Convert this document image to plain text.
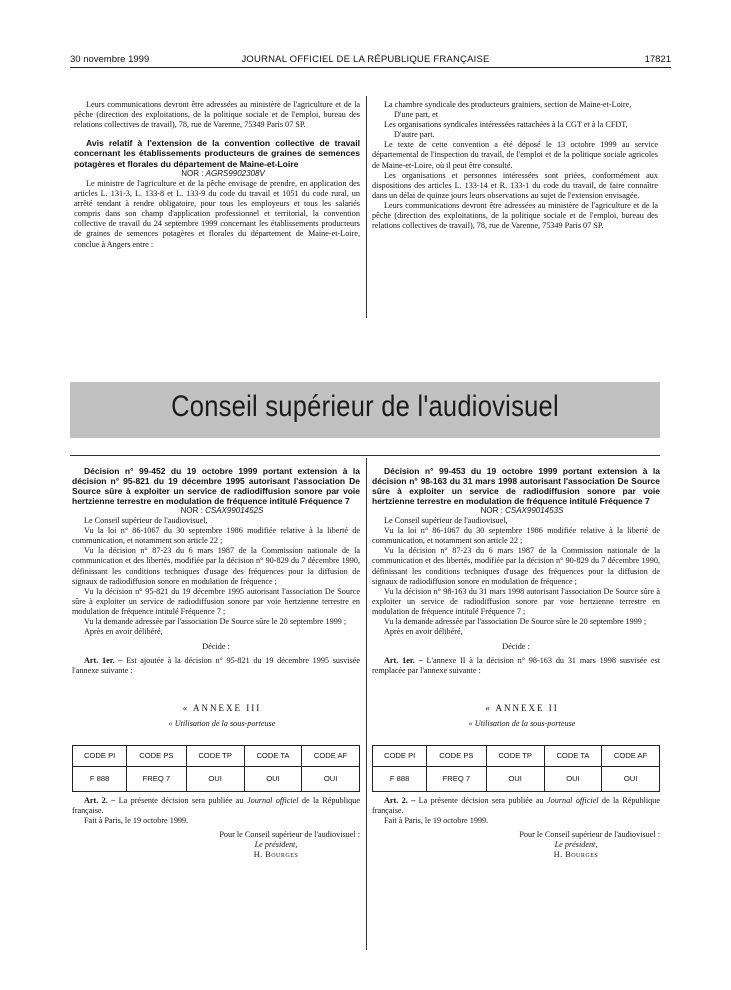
30 novembre 1999	JOURNAL OFFICIEL DE LA RÉPUBLIQUE FRANÇAISE	17821

Leurs communications devront être adressées au ministère de l'agriculture et de la pêche (direction des exploitations, de la politique sociale et de l'emploi, bureau des relations collectives de travail), 78, rue de Varenne, 75349 Paris 07 SP.

Avis relatif à l'extension de la convention collective de travail concernant les établissements producteurs de graines de semences potagères et florales du département de Maine-et-Loire

NOR : AGRS9902308V

Le ministre de l'agriculture et de la pêche envisage de prendre, en application des articles L. 131-3, L. 133-8 et L. 133-9 du code du travail et 1051 du code rural, un arrêté tendant à rendre obligatoire, pour tous les employeurs et tous les salariés compris dans son champ d'application professionnel et territorial, la convention collective de travail du 24 septembre 1999 concernant les établissements producteurs de graines de semences potagères et florales du département de Maine-et-Loire, conclue à Angers entre :

La chambre syndicale des producteurs grainiers, section de Maine-et-Loire,

D'une part, et

Les organisations syndicales intéressées rattachées à la CGT et à la CFDT,

D'autre part.

Le texte de cette convention a été déposé le 13 octobre 1999 au service départemental de l'inspection du travail, de l'emploi et de la politique sociale agricoles de Maine-et-Loire, où il peut être consulté.

Les organisations et personnes intéressées sont priées, conformément aux dispositions des articles L. 133-14 et R. 133-1 du code du travail, de faire connaître dans un délai de quinze jours leurs observations au sujet de l'extension envisagée.

Leurs communications devront être adressées au ministère de l'agriculture et de la pêche (direction des exploitations, de la politique sociale et de l'emploi, bureau des relations collectives de travail), 78, rue de Varenne, 75349 Paris 07 SP.

Conseil supérieur de l'audiovisuel

Décision n° 99-452 du 19 octobre 1999 portant extension à la décision n° 95-821 du 19 décembre 1995 autorisant l'association De Source sûre à exploiter un service de radiodiffusion sonore par voie hertzienne terrestre en modulation de fréquence intitulé Fréquence 7

NOR : CSAX9901452S

Le Conseil supérieur de l'audiovisuel,

Vu la loi n° 86-1067 du 30 septembre 1986 modifiée relative à la liberté de communication, et notamment son article 22 ;

Vu la décision n° 87-23 du 6 mars 1987 de la Commission nationale de la communication et des libertés, modifiée par la décision n° 90-829 du 7 décembre 1990, définissant les conditions techniques d'usage des fréquences pour la diffusion de signaux de radiodiffusion sonore en modulation de fréquence ;

Vu la décision n° 95-821 du 19 décembre 1995 autorisant l'association De Source sûre à exploiter un service de radiodiffusion sonore par voie hertzienne terrestre en modulation de fréquence intitulé Fréquence 7 ;

Vu la demande adressée par l'association De Source sûre le 20 septembre 1999 ;

Après en avoir délibéré,

Décide :

Art. 1er. – Est ajoutée à la décision n° 95-821 du 19 décembre 1995 susvisée l'annexe suivante :

« ANNEXE III

« Utilisation de la sous-porteuse

CODE PI	CODE PS	CODE TP	CODE TA	CODE AF
F 888	FREQ 7	OUI	OUI	OUI

Art. 2. – La présente décision sera publiée au Journal officiel de la République française.

Fait à Paris, le 19 octobre 1999.

Pour le Conseil supérieur de l'audiovisuel :

Le président,

H. Bourges

Décision n° 99-453 du 19 octobre 1999 portant extension à la décision n° 98-163 du 31 mars 1998 autorisant l'association De Source sûre à exploiter un service de radiodiffusion sonore par voie hertzienne terrestre en modulation de fréquence intitulé Fréquence 7

NOR : CSAX9901453S

Le Conseil supérieur de l'audiovisuel,

Vu la loi n° 86-1067 du 30 septembre 1986 modifiée relative à la liberté de communication, et notamment son article 22 ;

Vu la décision n° 87-23 du 6 mars 1987 de la Commission nationale de la communication et des libertés, modifiée par la décision n° 90-829 du 7 décembre 1990, définissant les conditions techniques d'usage des fréquences pour la diffusion de signaux de radiodiffusion sonore en modulation de fréquence ;

Vu la décision n° 98-163 du 31 mars 1998 autorisant l'association De Source sûre à exploiter un service de radiodiffusion sonore par voie hertzienne terrestre en modulation de fréquence intitulé Fréquence 7 ;

Vu la demande adressée par l'association De Source sûre le 20 septembre 1999 ;

Après en avoir délibéré,

Décide :

Art. 1er. – L'annexe II à la décision n° 98-163 du 31 mars 1998 susvisée est remplacée par l'annexe suivante :

« ANNEXE II

« Utilisation de la sous-porteuse

CODE PI	CODE PS	CODE TP	CODE TA	CODE AF
F 888	FREQ 7	OUI	OUI	OUI

Art. 2. – La présente décision sera publiée au Journal officiel de la République française.

Fait à Paris, le 19 octobre 1999.

Pour le Conseil supérieur de l'audiovisuel :

Le président,

H. Bourges
